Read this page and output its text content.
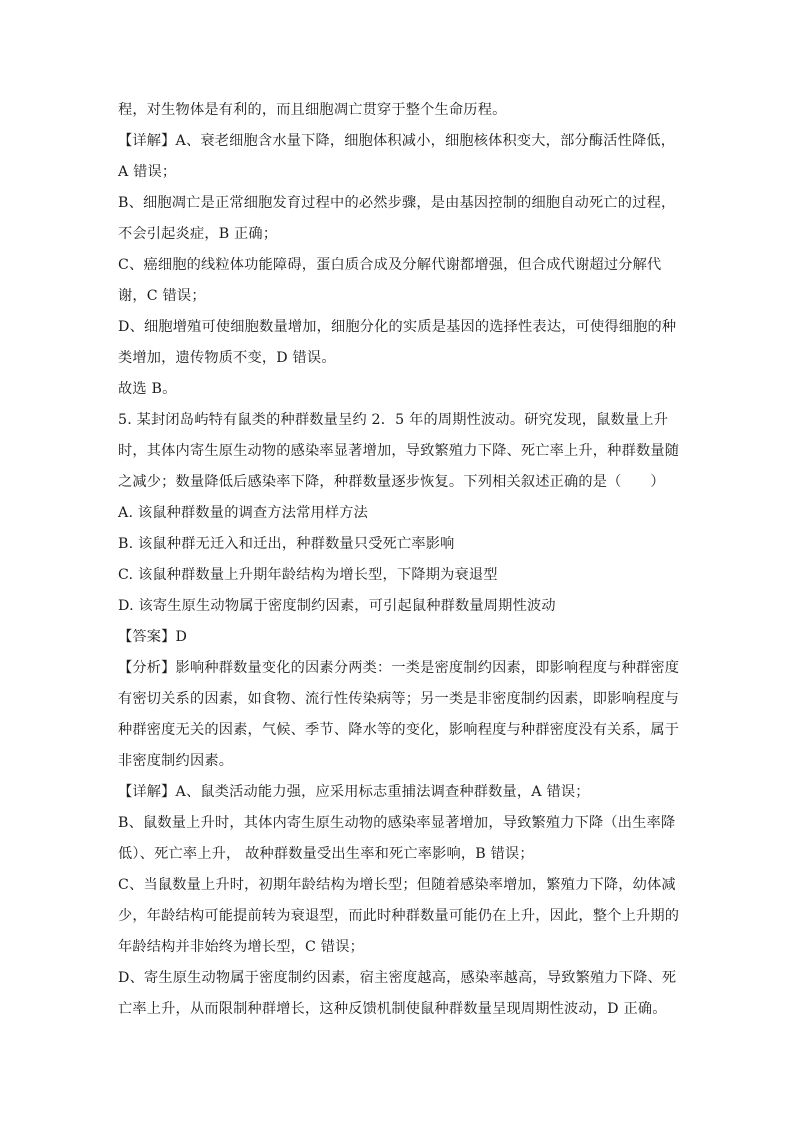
程，对生物体是有利的，而且细胞凋亡贯穿于整个生命历程。
【详解】A、衰老细胞含水量下降，细胞体积减小，细胞核体积变大，部分酶活性降低，
A 错误；
B、细胞凋亡是正常细胞发育过程中的必然步骤，是由基因控制的细胞自动死亡的过程，
不会引起炎症，B 正确；
C、癌细胞的线粒体功能障碍，蛋白质合成及分解代谢都增强，但合成代谢超过分解代
谢，C 错误；
D、细胞增殖可使细胞数量增加，细胞分化的实质是基因的选择性表达，可使得细胞的种
类增加，遗传物质不变，D 错误。
故选 B。
5. 某封闭岛屿特有鼠类的种群数量呈约 2．5 年的周期性波动。研究发现，鼠数量上升
时，其体内寄生原生动物的感染率显著增加，导致繁殖力下降、死亡率上升，种群数量随
之减少；数量降低后感染率下降，种群数量逐步恢复。下列相关叙述正确的是（　　）
A. 该鼠种群数量的调查方法常用样方法
B. 该鼠种群无迁入和迁出，种群数量只受死亡率影响
C. 该鼠种群数量上升期年龄结构为增长型，下降期为衰退型
D. 该寄生原生动物属于密度制约因素，可引起鼠种群数量周期性波动
【答案】D
【分析】影响种群数量变化的因素分两类：一类是密度制约因素，即影响程度与种群密度
有密切关系的因素，如食物、流行性传染病等；另一类是非密度制约因素，即影响程度与
种群密度无关的因素，气候、季节、降水等的变化，影响程度与种群密度没有关系，属于
非密度制约因素。
【详解】A、鼠类活动能力强，应采用标志重捕法调查种群数量，A 错误；
B、鼠数量上升时，其体内寄生原生动物的感染率显著增加，导致繁殖力下降（出生率降
低）、死亡率上升， 故种群数量受出生率和死亡率影响，B 错误；
C、当鼠数量上升时，初期年龄结构为增长型；但随着感染率增加，繁殖力下降，幼体减
少，年龄结构可能提前转为衰退型，而此时种群数量可能仍在上升，因此，整个上升期的
年龄结构并非始终为增长型，C 错误；
D、寄生原生动物属于密度制约因素，宿主密度越高，感染率越高，导致繁殖力下降、死
亡率上升，从而限制种群增长，这种反馈机制使鼠种群数量呈现周期性波动，D 正确。
